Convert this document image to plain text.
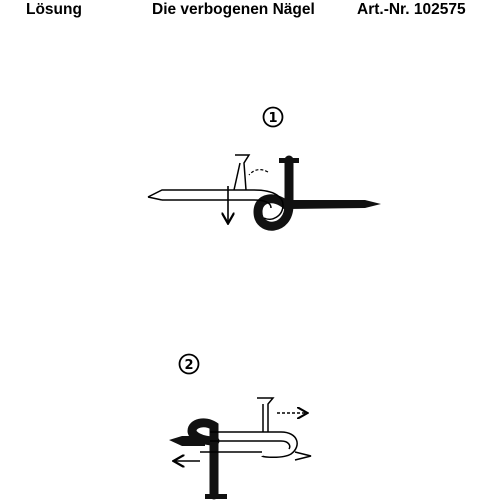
Lösung	Die verbogenen Nägel	Art.-Nr. 102575
1
2
